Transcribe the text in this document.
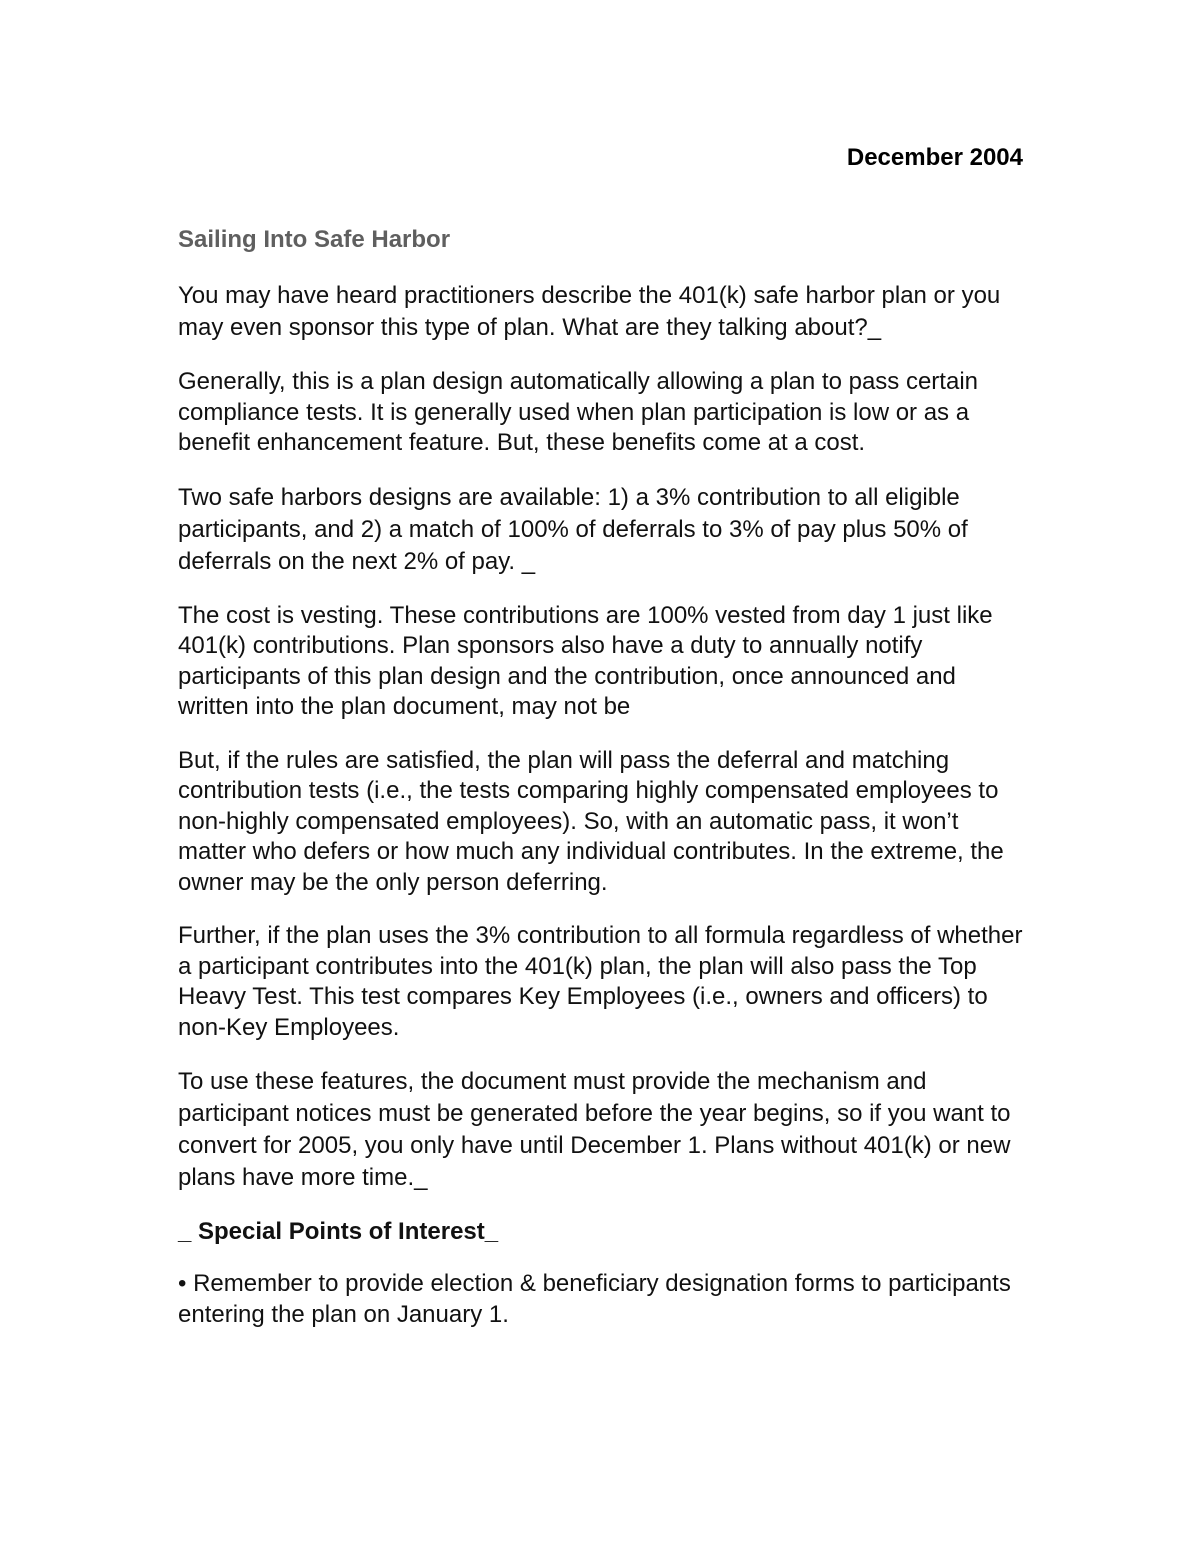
December 2004

Sailing Into Safe Harbor

You may have heard practitioners describe the 401(k) safe harbor plan or you may even sponsor this type of plan. What are they talking about?_

Generally, this is a plan design automatically allowing a plan to pass certain compliance tests. It is generally used when plan participation is low or as a benefit enhancement feature. But, these benefits come at a cost.

Two safe harbors designs are available: 1) a 3% contribution to all eligible participants, and 2) a match of 100% of deferrals to 3% of pay plus 50% of deferrals on the next 2% of pay. _

The cost is vesting. These contributions are 100% vested from day 1 just like 401(k) contributions. Plan sponsors also have a duty to annually notify participants of this plan design and the contribution, once announced and written into the plan document, may not be

But, if the rules are satisfied, the plan will pass the deferral and matching contribution tests (i.e., the tests comparing highly compensated employees to non-highly compensated employees). So, with an automatic pass, it won’t matter who defers or how much any individual contributes. In the extreme, the owner may be the only person deferring.

Further, if the plan uses the 3% contribution to all formula regardless of whether a participant contributes into the 401(k) plan, the plan will also pass the Top Heavy Test. This test compares Key Employees (i.e., owners and officers) to non-Key Employees.

To use these features, the document must provide the mechanism and participant notices must be generated before the year begins, so if you want to convert for 2005, you only have until December 1. Plans without 401(k) or new plans have more time._

_ Special Points of Interest_

• Remember to provide election & beneficiary designation forms to participants entering the plan on January 1.
